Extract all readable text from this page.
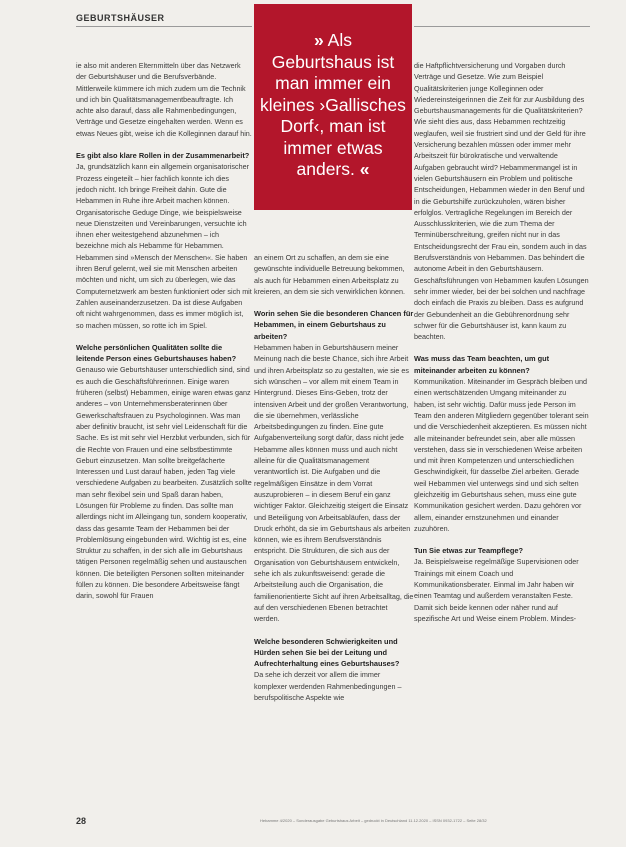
GEBURTSHÄUSER
» Als
Geburtshaus ist
man immer ein
kleines ›Gallisches
Dorf‹, man ist
immer etwas
anders. «

ie also mit anderen Elternmitteln über das Netzwerk der Geburtshäuser und die Berufsverbände. Mittlerweile kümmere ich mich zudem um die Technik und ich bin Qualitätsmanagementbeauftragte. Ich achte also darauf, dass alle Rahmenbedingungen, Verträge und Gesetze eingehalten werden. Wenn es etwas Neues gibt, weise ich die Kolleginnen darauf hin.

Es gibt also klare Rollen in der Zusammenarbeit?

Ja, grundsätzlich kann ein allgemein organisatorischer Prozess eingeteilt – hier fachlich konnte ich dies jedoch nicht. Ich bringe Freiheit dahin. Gute die Hebammen in Ruhe ihre Arbeit machen können. Organisatorische Geduge Dinge, wie beispielsweise neue Dienstzeiten und Vereinbarungen, versuchte ich ihnen eher weitestgehend abzunehmen – ich bezeichne mich als Hebamme für Hebammen. Hebammen sind »Mensch der Menschen«. Sie haben ihren Beruf gelernt, weil sie mit Menschen arbeiten möchten und nicht, um sich zu überlegen, wie das Computernetzwerk am besten funktioniert oder sich mit Zahlen auseinanderzusetzen. Da ist diese Aufgaben oft nicht wahrgenommen, dass es immer möglich ist, so machen müssen, so rotte ich im Spiel.

Welche persönlichen Qualitäten sollte die leitende Person eines Geburtshauses haben?

Genauso wie Geburtshäuser unterschiedlich sind, sind es auch die Geschäftsführerinnen. Einige waren früheren (selbst) Hebammen, einige waren etwas ganz anderes – von Unternehmensberaterinnen über Gewerkschaftsfrauen zu Psychologinnen. Was man aber definitiv braucht, ist sehr viel Leidenschaft für die Sache. Es ist mit sehr viel Herzblut verbunden, sich für die Rechte von Frauen und eine selbstbestimmte Geburt einzusetzen. Man sollte breitgefächerte Interessen und Lust darauf haben, jeden Tag viele verschiedene Aufgaben zu bearbeiten. Zusätzlich sollte man sehr flexibel sein und Spaß daran haben, Lösungen für Probleme zu finden. Das sollte man allerdings nicht im Alleingang tun, sondern kooperativ, dass das gesamte Team der Hebammen bei der Problemlösung eingebunden wird. Wichtig ist es, eine Struktur zu schaffen, in der sich alle im Geburtshaus tätigen Personen regelmäßig sehen und austauschen können. Die beteiligten Personen sollten miteinander füllen zu können. Die besondere Arbeitsweise fängt darin, sowohl für Frauen

an einem Ort zu schaffen, an dem sie eine gewünschte individuelle Betreuung bekommen, als auch für Hebammen einen Arbeitsplatz zu kreieren, an dem sie sich verwirklichen können.

Worin sehen Sie die besonderen Chancen für Hebammen, in einem Geburtshaus zu arbeiten?

Hebammen haben in Geburtshäusern meiner Meinung nach die beste Chance, sich ihre Arbeit und ihren Arbeitsplatz so zu gestalten, wie sie es sich wünschen – vor allem mit einem Team in Hintergrund. Dieses Eins-Geben, trotz der intensiven Arbeit und der großen Verantwortung, die sie übernehmen, verlässliche Arbeitsbedingungen zu finden. Eine gute Aufgabenverteilung sorgt dafür, dass nicht jede Hebamme alles können muss und auch nicht alleine für die Qualitätsmanagement verantwortlich ist. Die Aufgaben und die regelmäßigen Einsätze in dem Vorrat auszuprobieren – in diesem Beruf ein ganz wichtiger Faktor. Gleichzeitig steigert die Einsatz und Beteiligung von Arbeitsabläufen, dass der Druck erhöht, da sie im Geburtshaus als arbeiten können, wie es ihrem Berufsverständnis entspricht. Die Strukturen, die sich aus der Organisation von Geburtshäusern entwickeln, sehe ich als zukunftsweisend: gerade die Arbeitsteilung auch die Organisation, die familienorientierte Sicht auf ihren Arbeitsalltag, die auf den verschiedenen Ebenen betrachtet werden.

Welche besonderen Schwierigkeiten und Hürden sehen Sie bei der Leitung und Aufrechterhaltung eines Geburtshauses?

Da sehe ich derzeit vor allem die immer komplexer werdenden Rahmenbedingungen – berufspolitische Aspekte wie

die Haftpflichtversicherung und Vorgaben durch Verträge und Gesetze. Wie zum Beispiel Qualitätskriterien junge Kolleginnen oder Wiedereinsteigerinnen die Zeit für zur Ausbildung des Geburtshausmanagements für die Qualitätskriterien? Wie sieht dies aus, dass Hebammen rechtzeitig weglaufen, weil sie frustriert sind und der Geld für ihre Versicherung bezahlen müssen oder immer mehr Arbeitszeit für bürokratische und verwaltende Aufgaben gebraucht wird? Hebammenmangel ist in vielen Geburtshäusern ein Problem und politische Entscheidungen, Hebammen wieder in den Beruf und in die Geburtshilfe zurückzuholen, wären bisher erfolglos. Vertragliche Regelungen im Bereich der Ausschlusskriterien, wie die zum Thema der Terminüberschreitung, greifen nicht nur in das Entscheidungsrecht der Frau ein, sondern auch in das Berufsverständnis von Hebammen. Das behindert die autonome Arbeit in den Geburtshäusern. Geschäftsführungen von Hebammen kaufen Lösungen sehr immer wieder, bei der bei solchen und nachfrage doch einfach die Praxis zu bleiben. Dass es aufgrund der Gebundenheit an die Gebührenordnung sehr schwer für die Geburtshäuser ist, kann kaum zu beachten.

Was muss das Team beachten, um gut miteinander arbeiten zu können?

Kommunikation. Miteinander im Gespräch bleiben und einen wertschätzenden Umgang miteinander zu haben, ist sehr wichtig. Dafür muss jede Person im Team den anderen Mitgliedern gegenüber tolerant sein und die Verschiedenheit akzeptieren. Es müssen nicht alle miteinander befreundet sein, aber alle müssen verstehen, dass sie in verschiedenen Weise arbeiten und mit ihren Kompetenzen und unterschiedlichen Geschwindigkeit, für dasselbe Ziel arbeiten. Gerade weil Hebammen viel unterwegs sind und sich selten gleichzeitig im Geburtshaus sehen, muss eine gute Kommunikation gesichert werden. Dazu gehören vor allem, einander ernstzunehmen und einander zuzuhören.

Tun Sie etwas zur Teampflege?

Ja. Beispielsweise regelmäßige Supervisionen oder Trainings mit einem Coach und Kommunikationsberater. Einmal im Jahr haben wir einen Teamtag und außerdem veranstalten Feste. Damit sich beide kennen oder näher rund auf spezifische Art und Weise einem Problem. Mindes-

28	Hebamme 4/2020 – Sonderausgabe Geburtshaus Arbeit – gedruckt in Deutschland 11.12.2020 – ISSN 0932-1722 – Seite 28/32
